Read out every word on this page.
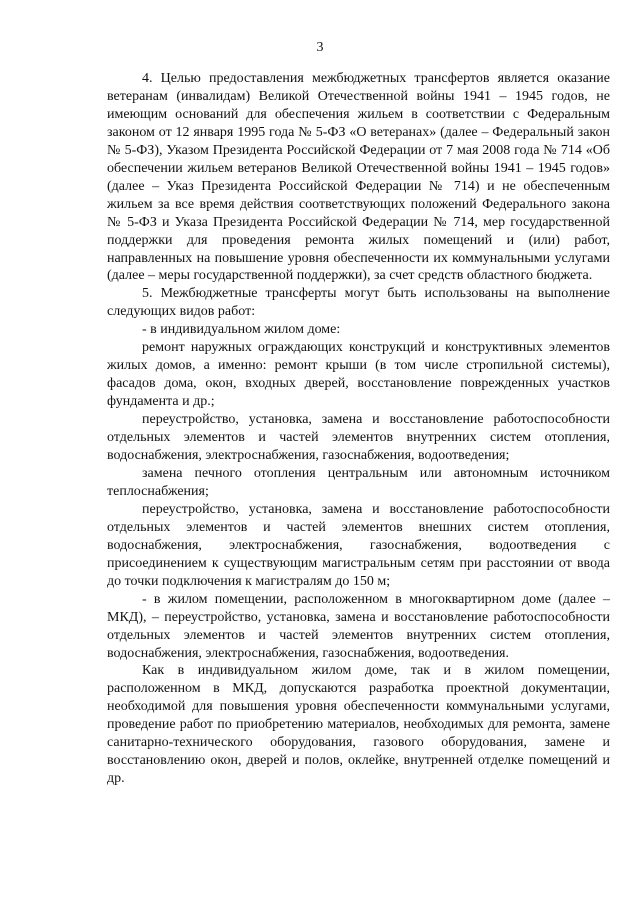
3

4. Целью предоставления межбюджетных трансфертов является оказание ветеранам (инвалидам) Великой Отечественной войны 1941 – 1945 годов, не имеющим оснований для обеспечения жильем в соответствии с Федеральным законом от 12 января 1995 года № 5-ФЗ «О ветеранах» (далее – Федеральный закон № 5-ФЗ), Указом Президента Российской Федерации от 7 мая 2008 года № 714 «Об обеспечении жильем ветеранов Великой Отечественной войны 1941 – 1945 годов» (далее – Указ Президента Российской Федерации № 714) и не обеспеченным жильем за все время действия соответствующих положений Федерального закона № 5-ФЗ и Указа Президента Российской Федерации № 714, мер государственной поддержки для проведения ремонта жилых помещений и (или) работ, направленных на повышение уровня обеспеченности их коммунальными услугами (далее – меры государственной поддержки), за счет средств областного бюджета.

5. Межбюджетные трансферты могут быть использованы на выполнение следующих видов работ:

- в индивидуальном жилом доме:

ремонт наружных ограждающих конструкций и конструктивных элементов жилых домов, а именно: ремонт крыши (в том числе стропильной системы), фасадов дома, окон, входных дверей, восстановление поврежденных участков фундамента и др.;

переустройство, установка, замена и восстановление работоспособности отдельных элементов и частей элементов внутренних систем отопления, водоснабжения, электроснабжения, газоснабжения, водоотведения;

замена печного отопления центральным или автономным источником теплоснабжения;

переустройство, установка, замена и восстановление работоспособности отдельных элементов и частей элементов внешних систем отопления, водоснабжения, электроснабжения, газоснабжения, водоотведения с присоединением к существующим магистральным сетям при расстоянии от ввода до точки подключения к магистралям до 150 м;

- в жилом помещении, расположенном в многоквартирном доме (далее – МКД), – переустройство, установка, замена и восстановление работоспособности отдельных элементов и частей элементов внутренних систем отопления, водоснабжения, электроснабжения, газоснабжения, водоотведения.

Как в индивидуальном жилом доме, так и в жилом помещении, расположенном в МКД, допускаются разработка проектной документации, необходимой для повышения уровня обеспеченности коммунальными услугами, проведение работ по приобретению материалов, необходимых для ремонта, замене санитарно-технического оборудования, газового оборудования, замене и восстановлению окон, дверей и полов, оклейке, внутренней отделке помещений и др.
